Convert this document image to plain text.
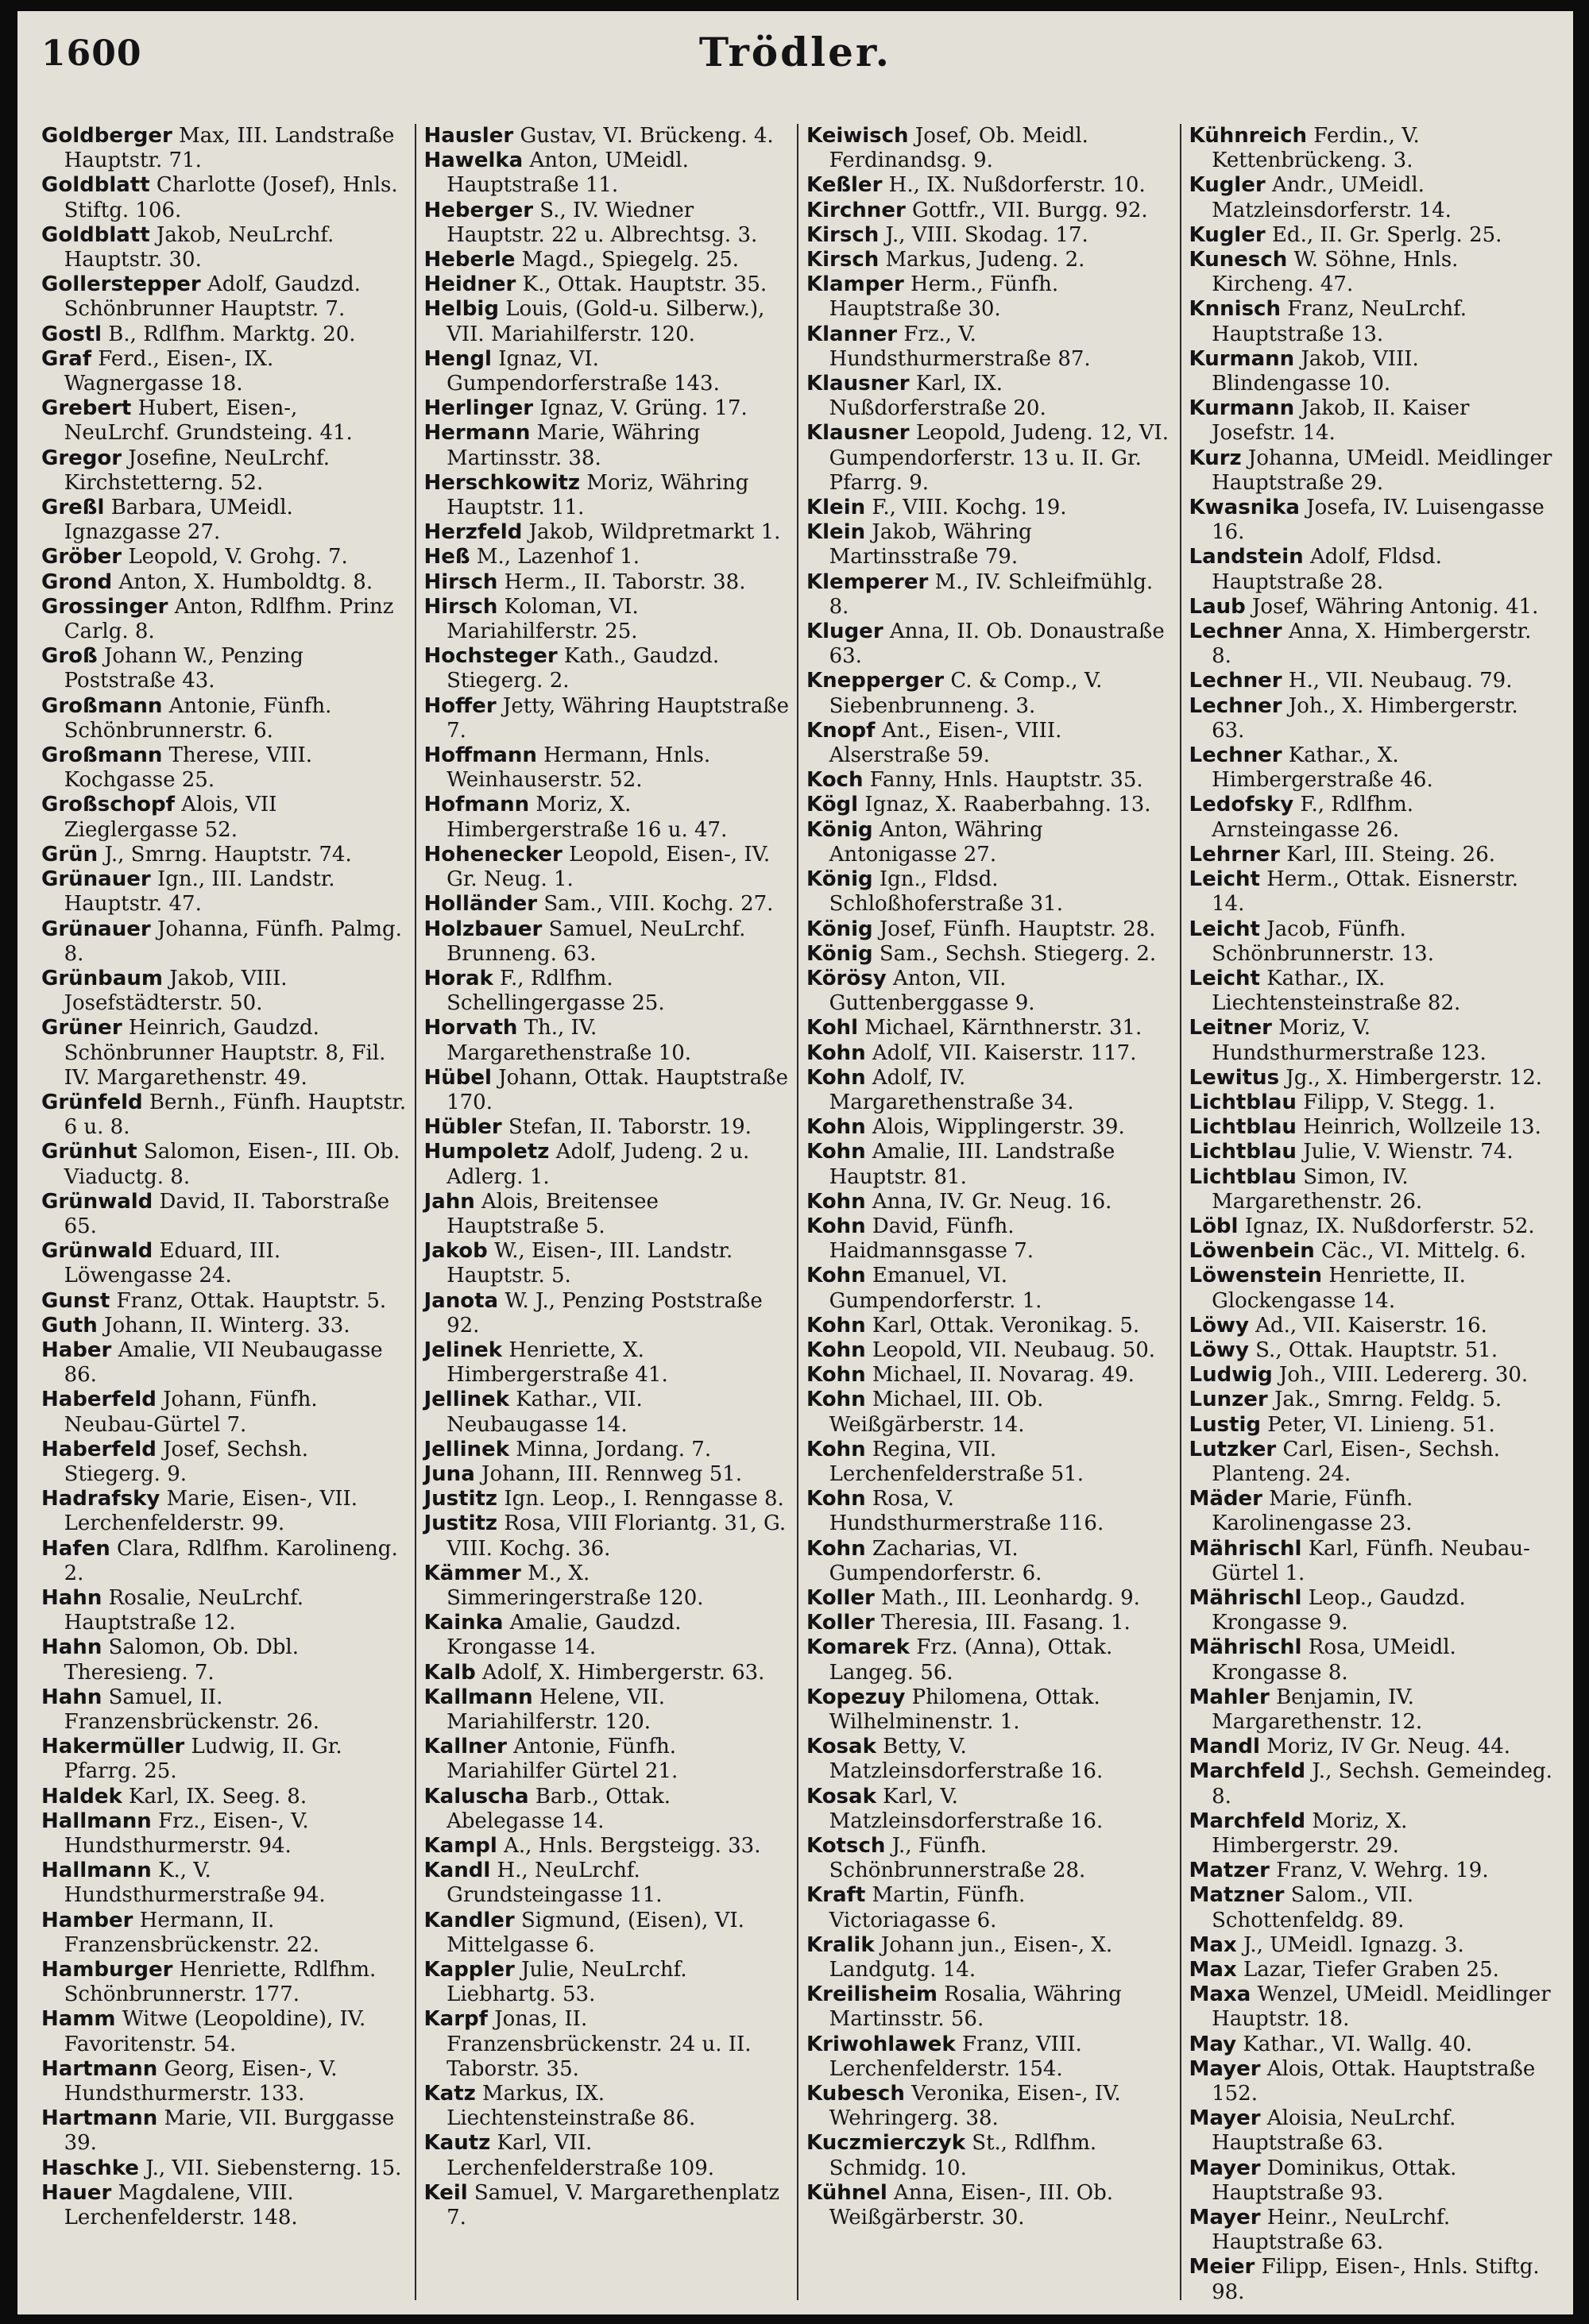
1600	Trödler.

Goldberger Max, III. Landstraße Hauptstr. 71.

Goldblatt Charlotte (Josef), Hnls. Stiftg. 106.

Goldblatt Jakob, NeuLrchf. Hauptstr. 30.

Gollerstepper Adolf, Gaudzd. Schönbrunner Hauptstr. 7.

Gostl B., Rdlfhm. Marktg. 20.

Graf Ferd., Eisen-, IX. Wagnergasse 18.

Grebert Hubert, Eisen-, NeuLrchf. Grundsteing. 41.

Gregor Josefine, NeuLrchf. Kirchstetterng. 52.

Greßl Barbara, UMeidl. Ignazgasse 27.

Gröber Leopold, V. Grohg. 7.

Grond Anton, X. Humboldtg. 8.

Grossinger Anton, Rdlfhm. Prinz Carlg. 8.

Groß Johann W., Penzing Poststraße 43.

Großmann Antonie, Fünfh. Schönbrunnerstr. 6.

Großmann Therese, VIII. Kochgasse 25.

Großschopf Alois, VII Zieglergasse 52.

Grün J., Smrng. Hauptstr. 74.

Grünauer Ign., III. Landstr. Hauptstr. 47.

Grünauer Johanna, Fünfh. Palmg. 8.

Grünbaum Jakob, VIII. Josefstädterstr. 50.

Grüner Heinrich, Gaudzd. Schönbrunner Hauptstr. 8, Fil. IV. Margarethenstr. 49.

Grünfeld Bernh., Fünfh. Hauptstr. 6 u. 8.

Grünhut Salomon, Eisen-, III. Ob. Viaductg. 8.

Grünwald David, II. Taborstraße 65.

Grünwald Eduard, III. Löwengasse 24.

Gunst Franz, Ottak. Hauptstr. 5.

Guth Johann, II. Winterg. 33.

Haber Amalie, VII Neubaugasse 86.

Haberfeld Johann, Fünfh. Neubau-Gürtel 7.

Haberfeld Josef, Sechsh. Stiegerg. 9.

Hadrafsky Marie, Eisen-, VII. Lerchenfelderstr. 99.

Hafen Clara, Rdlfhm. Karolineng. 2.

Hahn Rosalie, NeuLrchf. Hauptstraße 12.

Hahn Salomon, Ob. Dbl. Theresieng. 7.

Hahn Samuel, II. Franzensbrückenstr. 26.

Hakermüller Ludwig, II. Gr. Pfarrg. 25.

Haldek Karl, IX. Seeg. 8.

Hallmann Frz., Eisen-, V. Hundsthurmerstr. 94.

Hallmann K., V. Hundsthurmerstraße 94.

Hamber Hermann, II. Franzensbrückenstr. 22.

Hamburger Henriette, Rdlfhm. Schönbrunnerstr. 177.

Hamm Witwe (Leopoldine), IV. Favoritenstr. 54.

Hartmann Georg, Eisen-, V. Hundsthurmerstr. 133.

Hartmann Marie, VII. Burggasse 39.

Haschke J., VII. Siebensterng. 15.

Hauer Magdalene, VIII. Lerchenfelderstr. 148.

Hausler Gustav, VI. Brückeng. 4.

Hawelka Anton, UMeidl. Hauptstraße 11.

Heberger S., IV. Wiedner Hauptstr. 22 u. Albrechtsg. 3.

Heberle Magd., Spiegelg. 25.

Heidner K., Ottak. Hauptstr. 35.

Helbig Louis, (Gold-u. Silberw.), VII. Mariahilferstr. 120.

Hengl Ignaz, VI. Gumpendorferstraße 143.

Herlinger Ignaz, V. Grüng. 17.

Hermann Marie, Währing Martinsstr. 38.

Herschkowitz Moriz, Währing Hauptstr. 11.

Herzfeld Jakob, Wildpretmarkt 1.

Heß M., Lazenhof 1.

Hirsch Herm., II. Taborstr. 38.

Hirsch Koloman, VI. Mariahilferstr. 25.

Hochsteger Kath., Gaudzd. Stiegerg. 2.

Hoffer Jetty, Währing Hauptstraße 7.

Hoffmann Hermann, Hnls. Weinhauserstr. 52.

Hofmann Moriz, X. Himbergerstraße 16 u. 47.

Hohenecker Leopold, Eisen-, IV. Gr. Neug. 1.

Holländer Sam., VIII. Kochg. 27.

Holzbauer Samuel, NeuLrchf. Brunneng. 63.

Horak F., Rdlfhm. Schellingergasse 25.

Horvath Th., IV. Margarethenstraße 10.

Hübel Johann, Ottak. Hauptstraße 170.

Hübler Stefan, II. Taborstr. 19.

Humpoletz Adolf, Judeng. 2 u. Adlerg. 1.

Jahn Alois, Breitensee Hauptstraße 5.

Jakob W., Eisen-, III. Landstr. Hauptstr. 5.

Janota W. J., Penzing Poststraße 92.

Jelinek Henriette, X. Himbergerstraße 41.

Jellinek Kathar., VII. Neubaugasse 14.

Jellinek Minna, Jordang. 7.

Juna Johann, III. Rennweg 51.

Justitz Ign. Leop., I. Renngasse 8.

Justitz Rosa, VIII Floriantg. 31, G. VIII. Kochg. 36.

Kämmer M., X. Simmeringerstraße 120.

Kainka Amalie, Gaudzd. Krongasse 14.

Kalb Adolf, X. Himbergerstr. 63.

Kallmann Helene, VII. Mariahilferstr. 120.

Kallner Antonie, Fünfh. Mariahilfer Gürtel 21.

Kaluscha Barb., Ottak. Abelegasse 14.

Kampl A., Hnls. Bergsteigg. 33.

Kandl H., NeuLrchf. Grundsteingasse 11.

Kandler Sigmund, (Eisen), VI. Mittelgasse 6.

Kappler Julie, NeuLrchf. Liebhartg. 53.

Karpf Jonas, II. Franzensbrückenstr. 24 u. II. Taborstr. 35.

Katz Markus, IX. Liechtensteinstraße 86.

Kautz Karl, VII. Lerchenfelderstraße 109.

Keil Samuel, V. Margarethenplatz 7.

Keiwisch Josef, Ob. Meidl. Ferdinandsg. 9.

Keßler H., IX. Nußdorferstr. 10.

Kirchner Gottfr., VII. Burgg. 92.

Kirsch J., VIII. Skodag. 17.

Kirsch Markus, Judeng. 2.

Klamper Herm., Fünfh. Hauptstraße 30.

Klanner Frz., V. Hundsthurmerstraße 87.

Klausner Karl, IX. Nußdorferstraße 20.

Klausner Leopold, Judeng. 12, VI. Gumpendorferstr. 13 u. II. Gr. Pfarrg. 9.

Klein F., VIII. Kochg. 19.

Klein Jakob, Währing Martinsstraße 79.

Klemperer M., IV. Schleifmühlg. 8.

Kluger Anna, II. Ob. Donaustraße 63.

Knepperger C. & Comp., V. Siebenbrunneng. 3.

Knopf Ant., Eisen-, VIII. Alserstraße 59.

Koch Fanny, Hnls. Hauptstr. 35.

Kögl Ignaz, X. Raaberbahng. 13.

König Anton, Währing Antonigasse 27.

König Ign., Fldsd. Schloßhoferstraße 31.

König Josef, Fünfh. Hauptstr. 28.

König Sam., Sechsh. Stiegerg. 2.

Körösy Anton, VII. Guttenberggasse 9.

Kohl Michael, Kärnthnerstr. 31.

Kohn Adolf, VII. Kaiserstr. 117.

Kohn Adolf, IV. Margarethenstraße 34.

Kohn Alois, Wipplingerstr. 39.

Kohn Amalie, III. Landstraße Hauptstr. 81.

Kohn Anna, IV. Gr. Neug. 16.

Kohn David, Fünfh. Haidmannsgasse 7.

Kohn Emanuel, VI. Gumpendorferstr. 1.

Kohn Karl, Ottak. Veronikag. 5.

Kohn Leopold, VII. Neubaug. 50.

Kohn Michael, II. Novarag. 49.

Kohn Michael, III. Ob. Weißgärberstr. 14.

Kohn Regina, VII. Lerchenfelderstraße 51.

Kohn Rosa, V. Hundsthurmerstraße 116.

Kohn Zacharias, VI. Gumpendorferstr. 6.

Koller Math., III. Leonhardg. 9.

Koller Theresia, III. Fasang. 1.

Komarek Frz. (Anna), Ottak. Langeg. 56.

Kopezuy Philomena, Ottak. Wilhelminenstr. 1.

Kosak Betty, V. Matzleinsdorferstraße 16.

Kosak Karl, V. Matzleinsdorferstraße 16.

Kotsch J., Fünfh. Schönbrunnerstraße 28.

Kraft Martin, Fünfh. Victoriagasse 6.

Kralik Johann jun., Eisen-, X. Landgutg. 14.

Kreilisheim Rosalia, Währing Martinsstr. 56.

Kriwohlawek Franz, VIII. Lerchenfelderstr. 154.

Kubesch Veronika, Eisen-, IV. Wehringerg. 38.

Kuczmierczyk St., Rdlfhm. Schmidg. 10.

Kühnel Anna, Eisen-, III. Ob. Weißgärberstr. 30.

Kühnreich Ferdin., V. Kettenbrückeng. 3.

Kugler Andr., UMeidl. Matzleinsdorferstr. 14.

Kugler Ed., II. Gr. Sperlg. 25.

Kunesch W. Söhne, Hnls. Kircheng. 47.

Knnisch Franz, NeuLrchf. Hauptstraße 13.

Kurmann Jakob, VIII. Blindengasse 10.

Kurmann Jakob, II. Kaiser Josefstr. 14.

Kurz Johanna, UMeidl. Meidlinger Hauptstraße 29.

Kwasnika Josefa, IV. Luisengasse 16.

Landstein Adolf, Fldsd. Hauptstraße 28.

Laub Josef, Währing Antonig. 41.

Lechner Anna, X. Himbergerstr. 8.

Lechner H., VII. Neubaug. 79.

Lechner Joh., X. Himbergerstr. 63.

Lechner Kathar., X. Himbergerstraße 46.

Ledofsky F., Rdlfhm. Arnsteingasse 26.

Lehrner Karl, III. Steing. 26.

Leicht Herm., Ottak. Eisnerstr. 14.

Leicht Jacob, Fünfh. Schönbrunnerstr. 13.

Leicht Kathar., IX. Liechtensteinstraße 82.

Leitner Moriz, V. Hundsthurmerstraße 123.

Lewitus Jg., X. Himbergerstr. 12.

Lichtblau Filipp, V. Stegg. 1.

Lichtblau Heinrich, Wollzeile 13.

Lichtblau Julie, V. Wienstr. 74.

Lichtblau Simon, IV. Margarethenstr. 26.

Löbl Ignaz, IX. Nußdorferstr. 52.

Löwenbein Cäc., VI. Mittelg. 6.

Löwenstein Henriette, II. Glockengasse 14.

Löwy Ad., VII. Kaiserstr. 16.

Löwy S., Ottak. Hauptstr. 51.

Ludwig Joh., VIII. Ledererg. 30.

Lunzer Jak., Smrng. Feldg. 5.

Lustig Peter, VI. Linieng. 51.

Lutzker Carl, Eisen-, Sechsh. Planteng. 24.

Mäder Marie, Fünfh. Karolinengasse 23.

Mährischl Karl, Fünfh. Neubau-Gürtel 1.

Mährischl Leop., Gaudzd. Krongasse 9.

Mährischl Rosa, UMeidl. Krongasse 8.

Mahler Benjamin, IV. Margarethenstr. 12.

Mandl Moriz, IV Gr. Neug. 44.

Marchfeld J., Sechsh. Gemeindeg. 8.

Marchfeld Moriz, X. Himbergerstr. 29.

Matzer Franz, V. Wehrg. 19.

Matzner Salom., VII. Schottenfeldg. 89.

Max J., UMeidl. Ignazg. 3.

Max Lazar, Tiefer Graben 25.

Maxa Wenzel, UMeidl. Meidlinger Hauptstr. 18.

May Kathar., VI. Wallg. 40.

Mayer Alois, Ottak. Hauptstraße 152.

Mayer Aloisia, NeuLrchf. Hauptstraße 63.

Mayer Dominikus, Ottak. Hauptstraße 93.

Mayer Heinr., NeuLrchf. Hauptstraße 63.

Meier Filipp, Eisen-, Hnls. Stiftg. 98.
